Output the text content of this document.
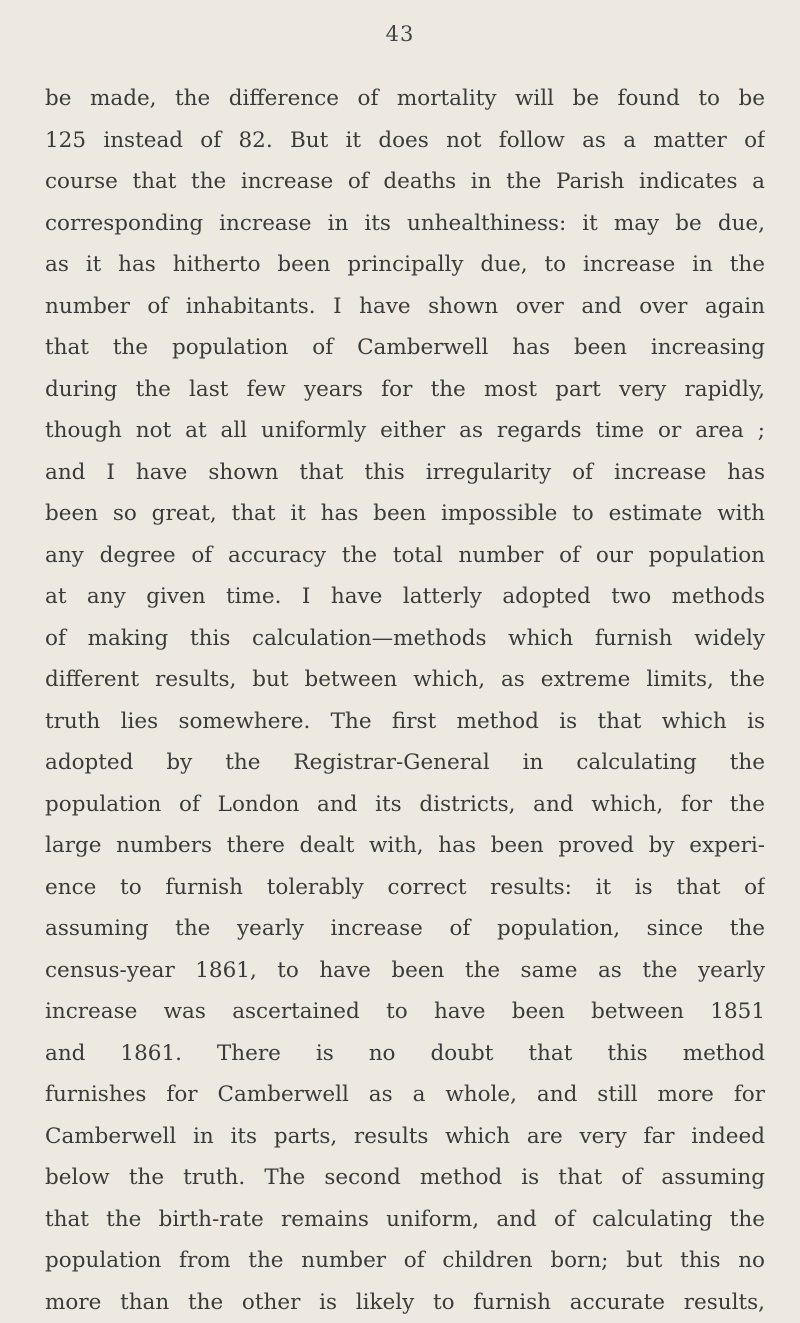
43
be made, the difference of mortality will be found to be
125 instead of 82. But it does not follow as a matter of
course that the increase of deaths in the Parish indicates a
corresponding increase in its unhealthiness: it may be due,
as it has hitherto been principally due, to increase in the
number of inhabitants. I have shown over and over again
that the population of Camberwell has been increasing
during the last few years for the most part very rapidly,
though not at all uniformly either as regards time or area ;
and I have shown that this irregularity of increase has
been so great, that it has been impossible to estimate with
any degree of accuracy the total number of our population
at any given time. I have latterly adopted two methods
of making this calculation—methods which furnish widely
different results, but between which, as extreme limits, the
truth lies somewhere. The first method is that which is
adopted by the Registrar-General in calculating the
population of London and its districts, and which, for the
large numbers there dealt with, has been proved by experi-
ence to furnish tolerably correct results: it is that of
assuming the yearly increase of population, since the
census-year 1861, to have been the same as the yearly
increase was ascertained to have been between 1851
and 1861. There is no doubt that this method
furnishes for Camberwell as a whole, and still more for
Camberwell in its parts, results which are very far indeed
below the truth. The second method is that of assuming
that the birth-rate remains uniform, and of calculating the
population from the number of children born; but this no
more than the other is likely to furnish accurate results,
